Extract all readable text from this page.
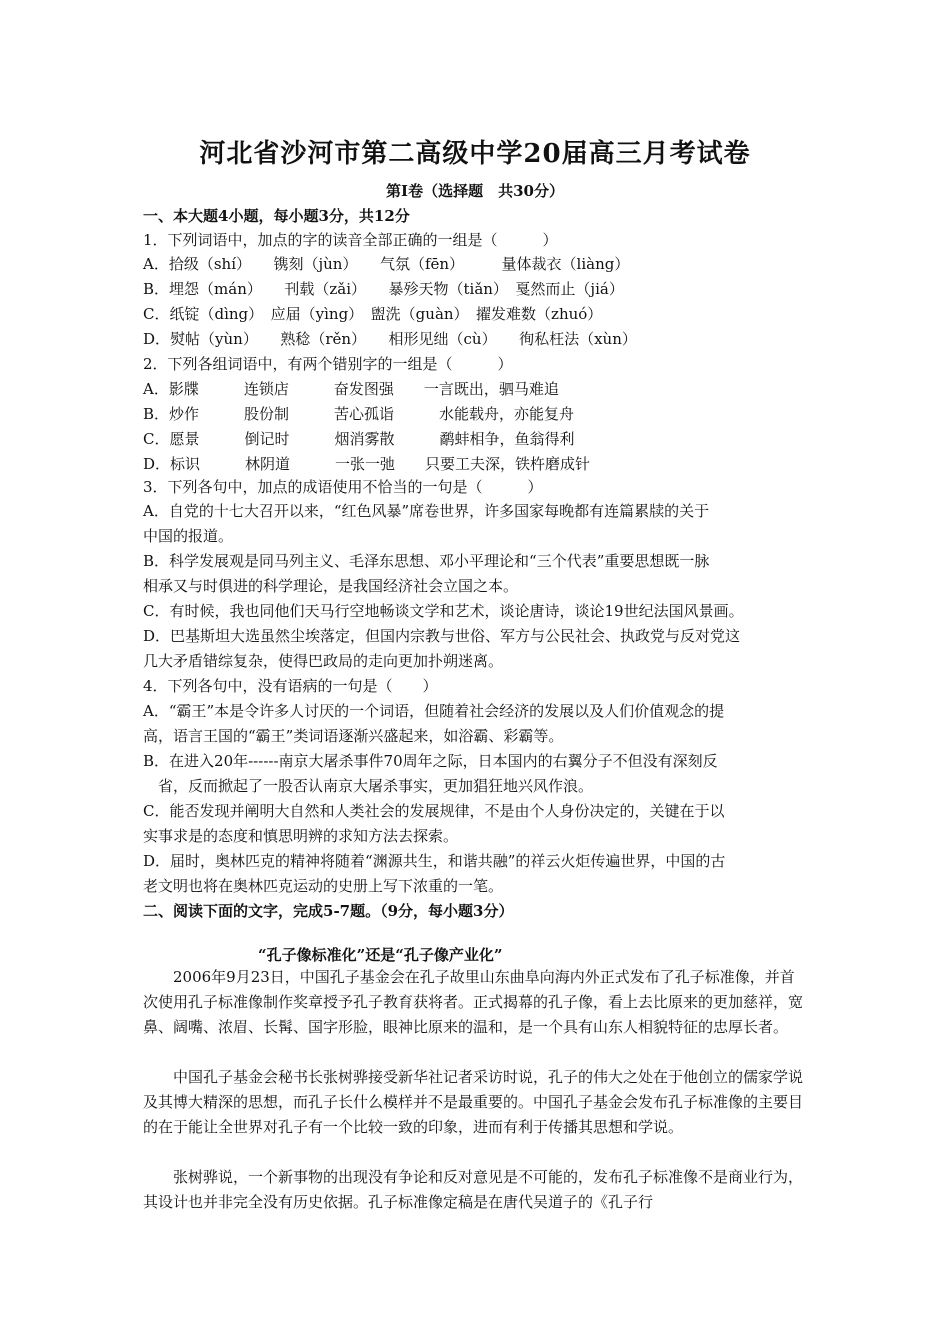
河北省沙河市第二高级中学20届高三月考试卷
第Ⅰ卷（选择题　共30分）
一、本大题4小题，每小题3分，共12分
1．下列词语中，加点的字的读音全部正确的一组是（　　　）
A．拾级（shí）　　镌刻（jùn）　　气氛（fēn）　　　量体裁衣（liàng）
B．埋怨（mán）　　刊载（zǎi）　　暴殄天物（tiǎn）　戛然而止（jiá）
C．纸锭（dìng）　应届（yìng）　盥洗（guàn）　擢发难数（zhuó）
D．熨帖（yùn）　　熟稔（rěn）　　相形见绌（cù）　　徇私枉法（xùn）
2．下列各组词语中，有两个错别字的一组是（　　　）
A．影牒　　　连锁店　　　奋发图强　　一言既出，驷马难追
B．炒作　　　股份制　　　苦心孤诣　　　水能载舟，亦能复舟
C．愿景　　　倒记时　　　烟消雾散　　　鹬蚌相争，鱼翁得利
D．标识　　　林阴道　　　一张一弛　　只要工夫深，铁杵磨成针
3．下列各句中，加点的成语使用不恰当的一句是（　　　）
A．自党的十七大召开以来，“红色风暴”席卷世界，许多国家每晚都有连篇累牍的关于
中国的报道。
B．科学发展观是同马列主义、毛泽东思想、邓小平理论和“三个代表”重要思想既一脉
相承又与时俱进的科学理论，是我国经济社会立国之本。
C．有时候，我也同他们天马行空地畅谈文学和艺术，谈论唐诗，谈论19世纪法国风景画。
D．巴基斯坦大选虽然尘埃落定，但国内宗教与世俗、军方与公民社会、执政党与反对党这
几大矛盾错综复杂，使得巴政局的走向更加扑朔迷离。
4．下列各句中，没有语病的一句是（　　）
A．“霸王”本是令许多人讨厌的一个词语，但随着社会经济的发展以及人们价值观念的提
高，语言王国的“霸王”类词语逐渐兴盛起来，如浴霸、彩霸等。
B．在进入20年------南京大屠杀事件70周年之际，日本国内的右翼分子不但没有深刻反
　省，反而掀起了一股否认南京大屠杀事实，更加猖狂地兴风作浪。
C．能否发现并阐明大自然和人类社会的发展规律，不是由个人身份决定的，关键在于以
实事求是的态度和慎思明辨的求知方法去探索。
D．届时，奥林匹克的精神将随着“渊源共生，和谐共融”的祥云火炬传遍世界，中国的古
老文明也将在奥林匹克运动的史册上写下浓重的一笔。
二、阅读下面的文字，完成5-7题。（9分，每小题3分）
“孔子像标准化”还是“孔子像产业化”
2006年9月23日，中国孔子基金会在孔子故里山东曲阜向海内外正式发布了孔子标准像，并首次使用孔子标准像制作奖章授予孔子教育获将者。正式揭幕的孔子像，看上去比原来的更加慈祥，宽鼻、阔嘴、浓眉、长髯、国字形脸，眼神比原来的温和，是一个具有山东人相貌特征的忠厚长者。
中国孔子基金会秘书长张树骅接受新华社记者采访时说，孔子的伟大之处在于他创立的儒家学说及其博大精深的思想，而孔子长什么模样并不是最重要的。中国孔子基金会发布孔子标准像的主要目的在于能让全世界对孔子有一个比较一致的印象，进而有利于传播其思想和学说。
张树骅说，一个新事物的出现没有争论和反对意见是不可能的，发布孔子标准像不是商业行为，其设计也并非完全没有历史依据。孔子标准像定稿是在唐代吴道子的《孔子行
